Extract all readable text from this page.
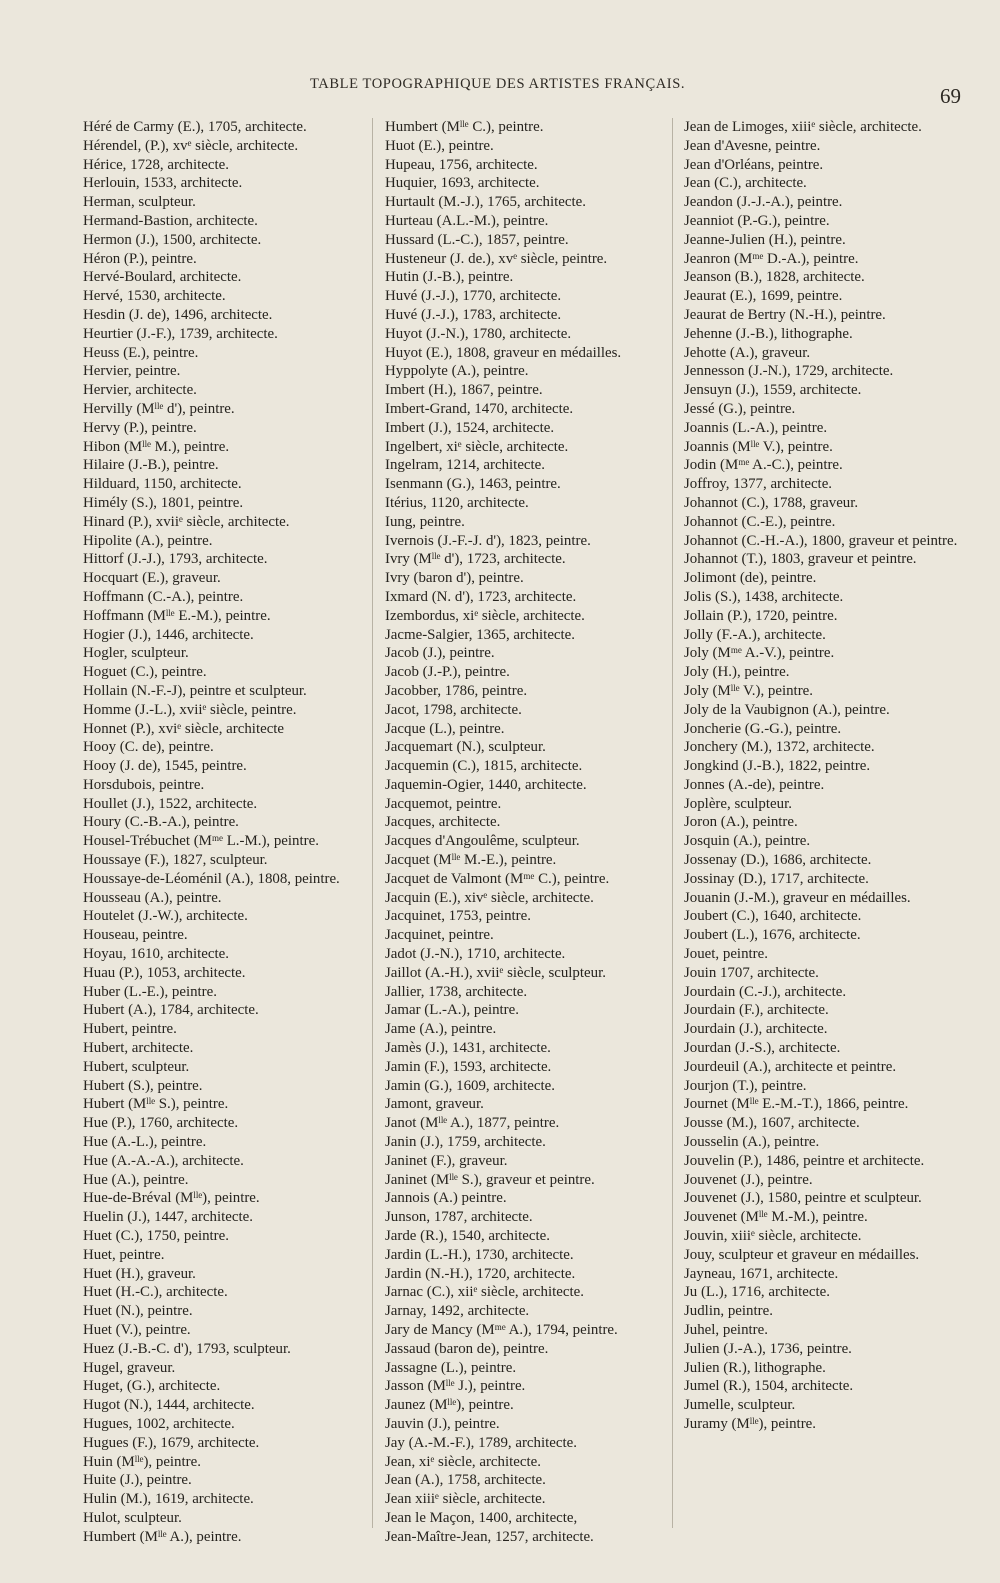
TABLE TOPOGRAPHIQUE DES ARTISTES FRANÇAIS.	69

Héré de Carmy (E.), 1705, architecte.

Hérendel, (P.), xvᵉ siècle, architecte.

Hérice, 1728, architecte.

Herlouin, 1533, architecte.

Herman, sculpteur.

Hermand-Bastion, architecte.

Hermon (J.), 1500, architecte.

Héron (P.), peintre.

Hervé-Boulard, architecte.

Hervé, 1530, architecte.

Hesdin (J. de), 1496, architecte.

Heurtier (J.-F.), 1739, architecte.

Heuss (E.), peintre.

Hervier, peintre.

Hervier, architecte.

Hervilly (Mˡˡᵉ d'), peintre.

Hervy (P.), peintre.

Hibon (Mˡˡᵉ M.), peintre.

Hilaire (J.-B.), peintre.

Hilduard, 1150, architecte.

Himély (S.), 1801, peintre.

Hinard (P.), xviiᵉ siècle, architecte.

Hipolite (A.), peintre.

Hittorf (J.-J.), 1793, architecte.

Hocquart (E.), graveur.

Hoffmann (C.-A.), peintre.

Hoffmann (Mˡˡᵉ E.-M.), peintre.

Hogier (J.), 1446, architecte.

Hogler, sculpteur.

Hoguet (C.), peintre.

Hollain (N.-F.-J), peintre et sculpteur.

Homme (J.-L.), xviiᵉ siècle, peintre.

Honnet (P.), xviᵉ siècle, architecte

Hooy (C. de), peintre.

Hooy (J. de), 1545, peintre.

Horsdubois, peintre.

Houllet (J.), 1522, architecte.

Houry (C.-B.-A.), peintre.

Housel-Trébuchet (Mᵐᵉ L.-M.), peintre.

Houssaye (F.), 1827, sculpteur.

Houssaye-de-Léoménil (A.), 1808, peintre.

Housseau (A.), peintre.

Houtelet (J.-W.), architecte.

Houseau, peintre.

Hoyau, 1610, architecte.

Huau (P.), 1053, architecte.

Huber (L.-E.), peintre.

Hubert (A.), 1784, architecte.

Hubert, peintre.

Hubert, architecte.

Hubert, sculpteur.

Hubert (S.), peintre.

Hubert (Mˡˡᵉ S.), peintre.

Hue (P.), 1760, architecte.

Hue (A.-L.), peintre.

Hue (A.-A.-A.), architecte.

Hue (A.), peintre.

Hue-de-Bréval (Mˡˡᵉ), peintre.

Huelin (J.), 1447, architecte.

Huet (C.), 1750, peintre.

Huet, peintre.

Huet (H.), graveur.

Huet (H.-C.), architecte.

Huet (N.), peintre.

Huet (V.), peintre.

Huez (J.-B.-C. d'), 1793, sculpteur.

Hugel, graveur.

Huget, (G.), architecte.

Hugot (N.), 1444, architecte.

Hugues, 1002, architecte.

Hugues (F.), 1679, architecte.

Huin (Mˡˡᵉ), peintre.

Huite (J.), peintre.

Hulin (M.), 1619, architecte.

Hulot, sculpteur.

Humbert (Mˡˡᵉ A.), peintre.

Humbert (Mˡˡᵉ C.), peintre.

Huot (E.), peintre.

Hupeau, 1756, architecte.

Huquier, 1693, architecte.

Hurtault (M.-J.), 1765, architecte.

Hurteau (A.L.-M.), peintre.

Hussard (L.-C.), 1857, peintre.

Husteneur (J. de.), xvᵉ siècle, peintre.

Hutin (J.-B.), peintre.

Huvé (J.-J.), 1770, architecte.

Huvé (J.-J.), 1783, architecte.

Huyot (J.-N.), 1780, architecte.

Huyot (E.), 1808, graveur en médailles.

Hyppolyte (A.), peintre.

Imbert (H.), 1867, peintre.

Imbert-Grand, 1470, architecte.

Imbert (J.), 1524, architecte.

Ingelbert, xiᵉ siècle, architecte.

Ingelram, 1214, architecte.

Isenmann (G.), 1463, peintre.

Itérius, 1120, architecte.

Iung, peintre.

Ivernois (J.-F.-J. d'), 1823, peintre.

Ivry (Mˡˡᵉ d'), 1723, architecte.

Ivry (baron d'), peintre.

Ixmard (N. d'), 1723, architecte.

Izembordus, xiᵉ siècle, architecte.

Jacme-Salgier, 1365, architecte.

Jacob (J.), peintre.

Jacob (J.-P.), peintre.

Jacobber, 1786, peintre.

Jacot, 1798, architecte.

Jacque (L.), peintre.

Jacquemart (N.), sculpteur.

Jacquemin (C.), 1815, architecte.

Jaquemin-Ogier, 1440, architecte.

Jacquemot, peintre.

Jacques, architecte.

Jacques d'Angoulême, sculpteur.

Jacquet (Mˡˡᵉ M.-E.), peintre.

Jacquet de Valmont (Mᵐᵉ C.), peintre.

Jacquin (E.), xivᵉ siècle, architecte.

Jacquinet, 1753, peintre.

Jacquinet, peintre.

Jadot (J.-N.), 1710, architecte.

Jaillot (A.-H.), xviiᵉ siècle, sculpteur.

Jallier, 1738, architecte.

Jamar (L.-A.), peintre.

Jame (A.), peintre.

Jamès (J.), 1431, architecte.

Jamin (F.), 1593, architecte.

Jamin (G.), 1609, architecte.

Jamont, graveur.

Janot (Mˡˡᵉ A.), 1877, peintre.

Janin (J.), 1759, architecte.

Janinet (F.), graveur.

Janinet (Mˡˡᵉ S.), graveur et peintre.

Jannois (A.) peintre.

Junson, 1787, architecte.

Jarde (R.), 1540, architecte.

Jardin (L.-H.), 1730, architecte.

Jardin (N.-H.), 1720, architecte.

Jarnac (C.), xiiᵉ siècle, architecte.

Jarnay, 1492, architecte.

Jary de Mancy (Mᵐᵉ A.), 1794, peintre.

Jassaud (baron de), peintre.

Jassagne (L.), peintre.

Jasson (Mˡˡᵉ J.), peintre.

Jaunez (Mˡˡᵉ), peintre.

Jauvin (J.), peintre.

Jay (A.-M.-F.), 1789, architecte.

Jean, xiᵉ siècle, architecte.

Jean (A.), 1758, architecte.

Jean xiiiᵉ siècle, architecte.

Jean le Maçon, 1400, architecte,

Jean-Maître-Jean, 1257, architecte.

Jean de Limoges, xiiiᵉ siècle, architecte.

Jean d'Avesne, peintre.

Jean d'Orléans, peintre.

Jean (C.), architecte.

Jeandon (J.-J.-A.), peintre.

Jeanniot (P.-G.), peintre.

Jeanne-Julien (H.), peintre.

Jeanron (Mᵐᵉ D.-A.), peintre.

Jeanson (B.), 1828, architecte.

Jeaurat (E.), 1699, peintre.

Jeaurat de Bertry (N.-H.), peintre.

Jehenne (J.-B.), lithographe.

Jehotte (A.), graveur.

Jennesson (J.-N.), 1729, architecte.

Jensuyn (J.), 1559, architecte.

Jessé (G.), peintre.

Joannis (L.-A.), peintre.

Joannis (Mˡˡᵉ V.), peintre.

Jodin (Mᵐᵉ A.-C.), peintre.

Joffroy, 1377, architecte.

Johannot (C.), 1788, graveur.

Johannot (C.-E.), peintre.

Johannot (C.-H.-A.), 1800, graveur et peintre.

Johannot (T.), 1803, graveur et peintre.

Jolimont (de), peintre.

Jolis (S.), 1438, architecte.

Jollain (P.), 1720, peintre.

Jolly (F.-A.), architecte.

Joly (Mᵐᵉ A.-V.), peintre.

Joly (H.), peintre.

Joly (Mˡˡᵉ V.), peintre.

Joly de la Vaubignon (A.), peintre.

Joncherie (G.-G.), peintre.

Jonchery (M.), 1372, architecte.

Jongkind (J.-B.), 1822, peintre.

Jonnes (A.-de), peintre.

Joplère, sculpteur.

Joron (A.), peintre.

Josquin (A.), peintre.

Jossenay (D.), 1686, architecte.

Jossinay (D.), 1717, architecte.

Jouanin (J.-M.), graveur en médailles.

Joubert (C.), 1640, architecte.

Joubert (L.), 1676, architecte.

Jouet, peintre.

Jouin 1707, architecte.

Jourdain (C.-J.), architecte.

Jourdain (F.), architecte.

Jourdain (J.), architecte.

Jourdan (J.-S.), architecte.

Jourdeuil (A.), architecte et peintre.

Jourjon (T.), peintre.

Journet (Mˡˡᵉ E.-M.-T.), 1866, peintre.

Jousse (M.), 1607, architecte.

Jousselin (A.), peintre.

Jouvelin (P.), 1486, peintre et architecte.

Jouvenet (J.), peintre.

Jouvenet (J.), 1580, peintre et sculpteur.

Jouvenet (Mˡˡᵉ M.-M.), peintre.

Jouvin, xiiiᵉ siècle, architecte.

Jouy, sculpteur et graveur en médailles.

Jayneau, 1671, architecte.

Ju (L.), 1716, architecte.

Judlin, peintre.

Juhel, peintre.

Julien (J.-A.), 1736, peintre.

Julien (R.), lithographe.

Jumel (R.), 1504, architecte.

Jumelle, sculpteur.

Juramy (Mˡˡᵉ), peintre.
